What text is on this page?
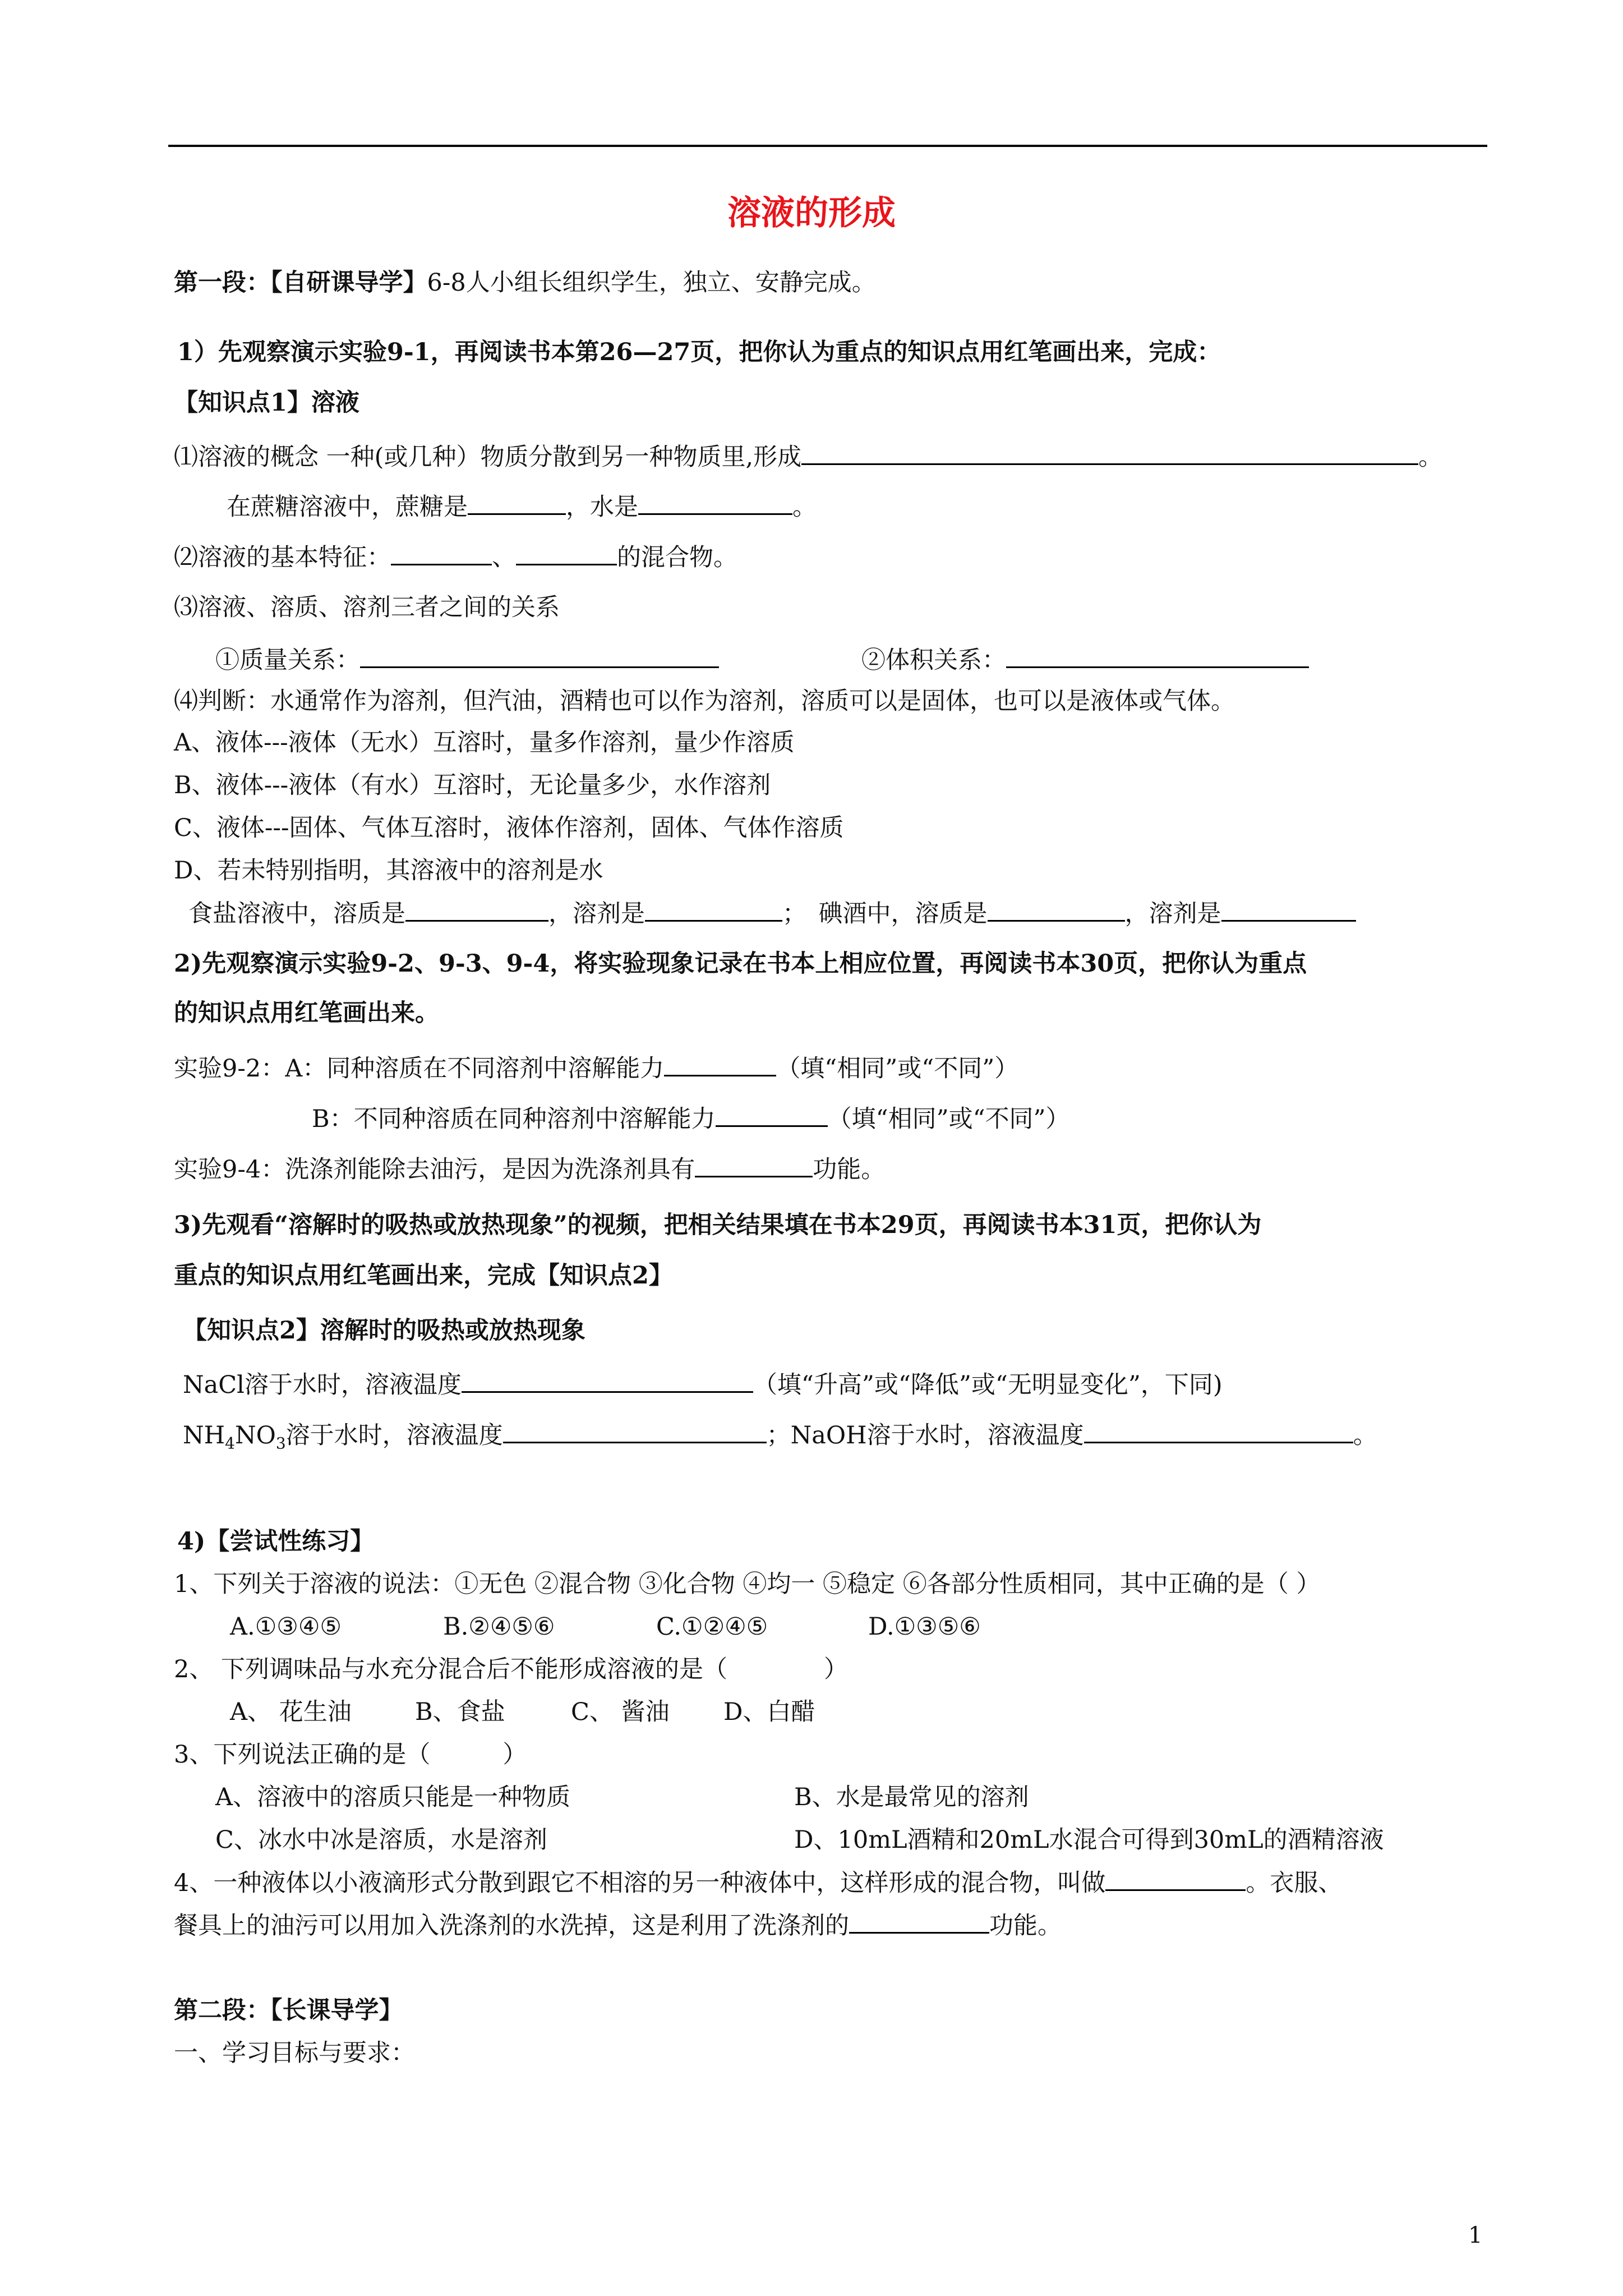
溶液的形成
第一段：【自研课导学】6-8人小组长组织学生，独立、安静完成。
1）先观察演示实验9-1，再阅读书本第26—27页，把你认为重点的知识点用红笔画出来，完成：
【知识点1】溶液
⑴溶液的概念 一种(或几种）物质分散到另一种物质里,形成	。
在蔗糖溶液中，蔗糖是	，水是	。
⑵溶液的基本特征：	、	的混合物。
⑶溶液、溶质、溶剂三者之间的关系
①质量关系：	②体积关系：
⑷判断：水通常作为溶剂，但汽油，酒精也可以作为溶剂，溶质可以是固体，也可以是液体或气体。
A、液体---液体（无水）互溶时，量多作溶剂，量少作溶质
B、液体---液体（有水）互溶时，无论量多少，水作溶剂
C、液体---固体、气体互溶时，液体作溶剂，固体、气体作溶质
D、若未特别指明，其溶液中的溶剂是水
食盐溶液中，溶质是	，溶剂是	；　碘酒中，溶质是	，溶剂是
2)先观察演示实验9-2、9-3、9-4，将实验现象记录在书本上相应位置，再阅读书本30页，把你认为重点
的知识点用红笔画出来。
实验9-2：A：同种溶质在不同溶剂中溶解能力	（填“相同”或“不同”）
B：不同种溶质在同种溶剂中溶解能力	（填“相同”或“不同”）
实验9-4：洗涤剂能除去油污，是因为洗涤剂具有	功能。
3)先观看“溶解时的吸热或放热现象”的视频，把相关结果填在书本29页，再阅读书本31页，把你认为
重点的知识点用红笔画出来，完成【知识点2】
【知识点2】溶解时的吸热或放热现象
NaCl溶于水时，溶液温度	（填“升高”或“降低”或“无明显变化”，下同)
$NH_4NO_3$溶于水时，溶液温度	；NaOH溶于水时，溶液温度	。
4)【尝试性练习】
1、下列关于溶液的说法：①无色 ②混合物 ③化合物 ④均一 ⑤稳定 ⑥各部分性质相同，其中正确的是（ ）
A.①③④⑤	B.②④⑤⑥	C.①②④⑤	D.①③⑤⑥
2、 下列调味品与水充分混合后不能形成溶液的是（　　　　）
A、 花生油	B、食盐	C、 酱油 D、白醋
3、下列说法正确的是（　　　）
A、溶液中的溶质只能是一种物质	B、水是最常见的溶剂
C、冰水中冰是溶质，水是溶剂	D、10mL酒精和20mL水混合可得到30mL的酒精溶液
4、一种液体以小液滴形式分散到跟它不相溶的另一种液体中，这样形成的混合物，叫做	。衣服、
餐具上的油污可以用加入洗涤剂的水洗掉，这是利用了洗涤剂的	功能。
第二段：【长课导学】
一、学习目标与要求：
1
